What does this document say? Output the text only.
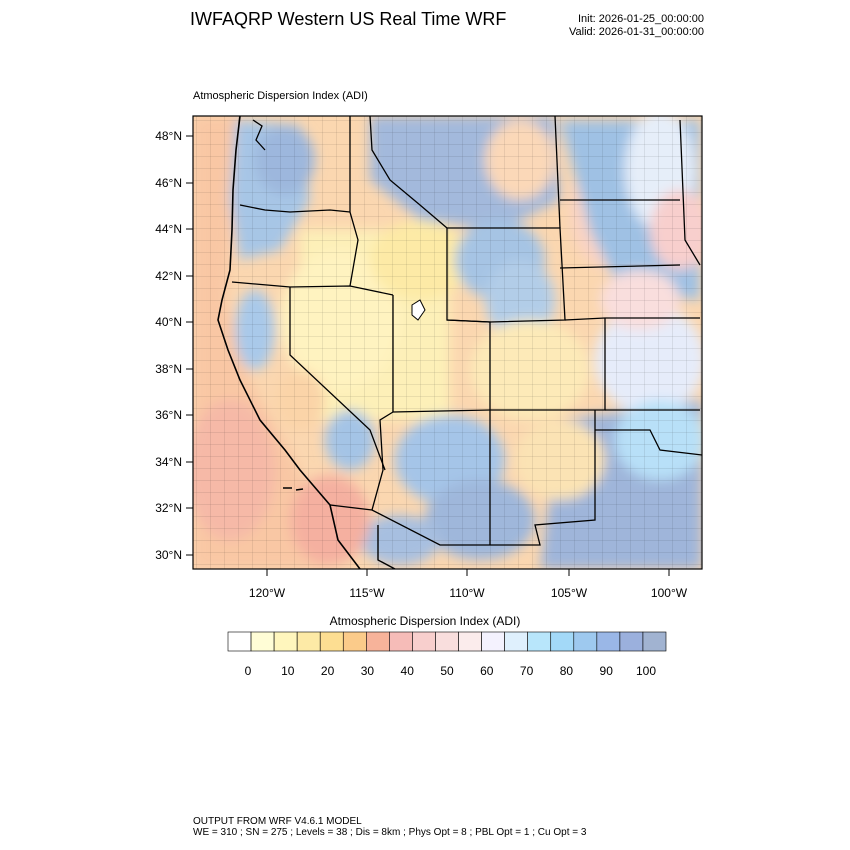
IWFAQRP Western US Real Time WRF	Init: 2026-01-25_00:00:00
Valid: 2026-01-31_00:00:00
Atmospheric Dispersion Index (ADI)
48°N
46°N
44°N
42°N
40°N
38°N
36°N
34°N
32°N
30°N
120°W	115°W	110°W	105°W	100°W
0 10 20 30 40 50 60 70 80 90 100
Atmospheric Dispersion Index (ADI)
OUTPUT FROM WRF V4.6.1 MODEL
WE = 310 ; SN = 275 ; Levels = 38 ; Dis = 8km ; Phys Opt = 8 ; PBL Opt = 1 ; Cu Opt = 3
